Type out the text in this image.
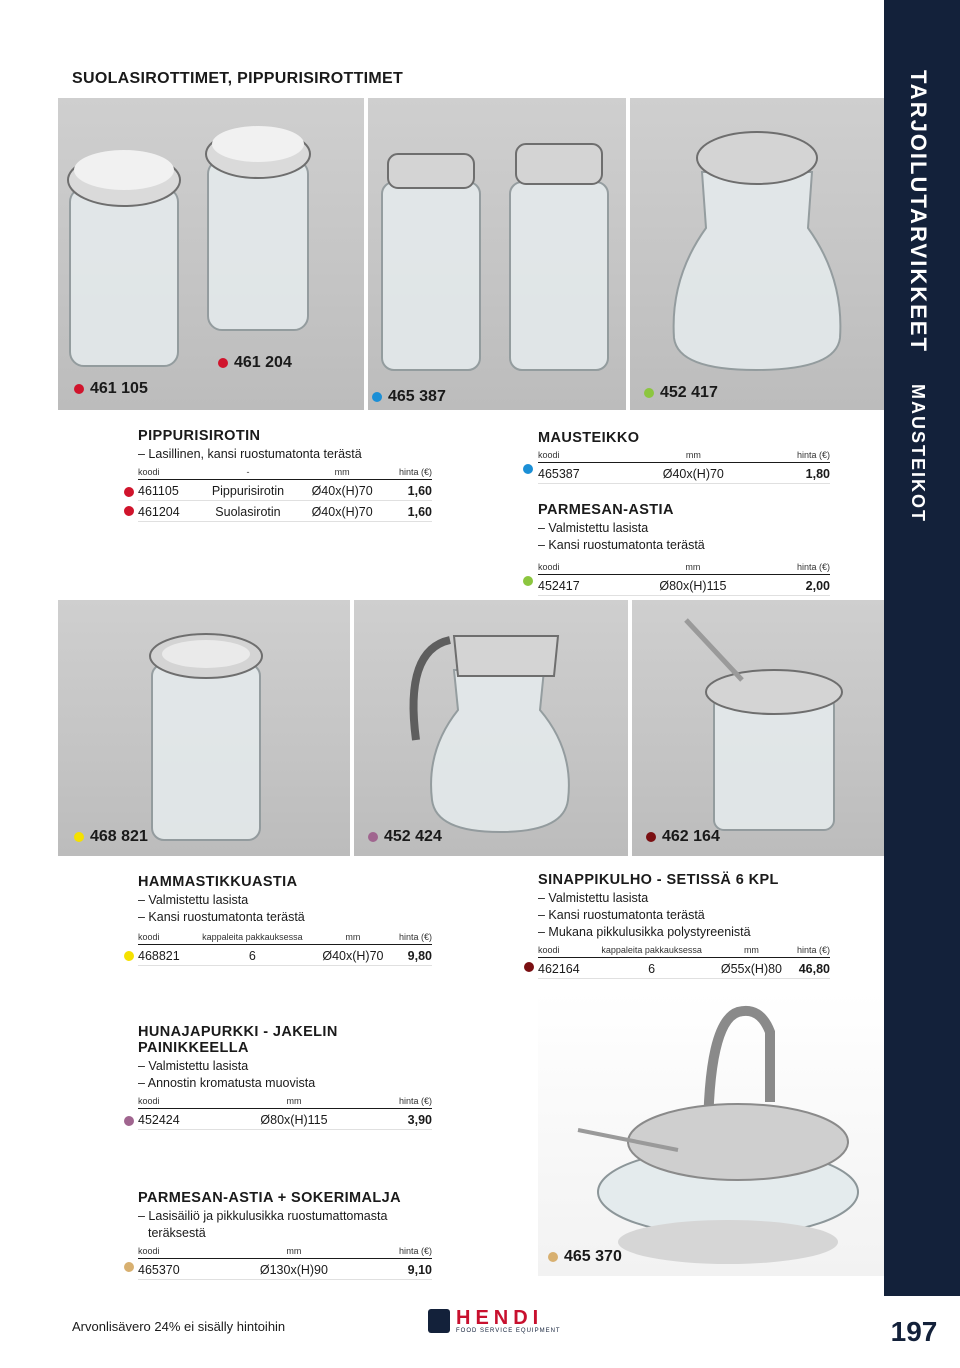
SUOLASIROTTIMET, PIPPURISIROTTIMET
461 105
461 204
465 387	452 417
TARJOILUTARVIKKEET
MAUSTEIKOT
PIPPURISIROTIN

– Lasillinen, kansi ruostumatonta terästä

koodi	-	mm	hinta (€)
461105	Pippurisirotin	Ø40x(H)70	1,60
461204	Suolasirotin	Ø40x(H)70	1,60
MAUSTEIKKO
koodi	mm	hinta (€)
465387	Ø40x(H)70	1,80
PARMESAN-ASTIA

– Valmistettu lasista

– Kansi ruostumatonta terästä

koodi	mm	hinta (€)
452417	Ø80x(H)115	2,00
468 821	452 424	462 164
HAMMASTIKKUASTIA

– Valmistettu lasista

– Kansi ruostumatonta terästä

koodi	kappaleita pakkauksessa	mm	hinta (€)
468821	6	Ø40x(H)70	9,80
SINAPPIKULHO - SETISSÄ 6 KPL

– Valmistettu lasista

– Kansi ruostumatonta terästä

– Mukana pikkulusikka polystyreenistä

koodi	kappaleita pakkauksessa	mm	hinta (€)
462164	6	Ø55x(H)80	46,80
HUNAJAPURKKI - JAKELIN
PAINIKKEELLA

– Valmistettu lasista

– Annostin kromatusta muovista

koodi	mm	hinta (€)
452424	Ø80x(H)115	3,90
PARMESAN-ASTIA + SOKERIMALJA

– Lasisäiliö ja pikkulusikka ruostumattomasta

teräksestä

koodi	mm	hinta (€)
465370	Ø130x(H)90	9,10
465 370
Arvonlisävero 24% ei sisälly hintoihin	HENDI
FOOD SERVICE EQUIPMENT	197
